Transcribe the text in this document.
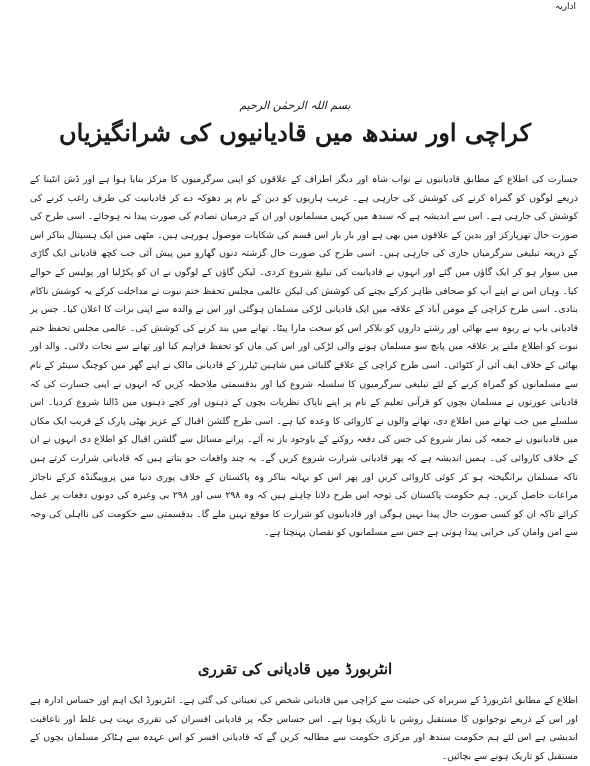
اداریہ
بسم اللہ الرحمٰن الرحیم
کراچی اور سندھ میں قادیانیوں کی شرانگیزیاں

جسارت کی اطلاع کے مطابق قادیانیوں نے نواب شاہ اور دیگر اطراف کے علاقوں کو اپنی سرگرمیوں کا مرکز بنایا ہوا ہے اور ڈش انٹینا کے ذریعے لوگوں کو گمراہ کرنے کی کوشش کی جارہی ہے۔ غریب ہاریوں کو دین کے نام پر دھوکہ دے کر قادیانیت کی طرف راغب کرنے کی کوشش کی جارہی ہے۔ اس سے اندیشہ ہے کہ سندھ میں کہیں مسلمانوں اور ان کے درمیان تصادم کی صورت پیدا نہ ہوجائے۔ اسی طرح کی صورت حال تھرپارکر اور بدین کے علاقوں میں بھی ہے اور بار بار اس قسم کی شکایات موصول ہورہی ہیں۔ مٹھی میں ایک ہسپتال بناکر اس کے ذریعہ تبلیغی سرگرمیاں جاری کی جارہی ہیں۔ اسی طرح کی صورت حال گزشتہ دنوں گھارو میں پیش آئی جب کچھ قادیانی ایک گاڑی میں سوار ہو کر ایک گاؤں میں گئے اور انہوں نے قادیانیت کی تبلیغ شروع کردی۔ لیکن گاؤں کے لوگوں نے ان کو پکڑلیا اور پولیس کے حوالے کیا۔ وہاں اس نے اپنے آپ کو صحافی ظاہر کرکے بچنے کی کوشش کی لیکن عالمی مجلس تحفظ ختم نبوت نے مداخلت کرکے یہ کوشش ناکام بنادی۔ اسی طرح کراچی کے مومن آباد کے علاقہ میں ایک قادیانی لڑکی مسلمان ہوگئی اور اس نے والدہ سے اپنی برات کا اعلان کیا۔ جس پر قادیانی باپ نے ربوہ سے بھائی اور رشتے داروں کو بلاکر اس کو سخت مارا پیٹا۔ تھانے میں بند کرنے کی کوشش کی۔ عالمی مجلس تحفظ ختم نبوت کو اطلاع ملنے پر علاقہ میں پانچ سو مسلمان ہونے والی لڑکی اور اس کی ماں کو تحفظ فراہم کیا اور تھانے سے نجات دلائی۔ والد اور بھائی کے خلاف ایف آئی آر کٹوائی۔ اسی طرح کراچی کے علاقے گلبائی میں شاہین ٹیلرز کے قادیانی مالک نے اپنے گھر میں کوچنگ سینٹر کے نام سے مسلمانوں کو گمراہ کرنے کے لئے تبلیغی سرگرمیوں کا سلسلہ شروع کیا اور بدقسمتی ملاحظہ کریں کہ انہوں نے اپنی جسارت کی کہ قادیانی عورتوں نے مسلمان بچوں کو قرآنی تعلیم کے نام پر اپنے ناپاک نظریات بچوں کے ذہنوں اور کچے ذہنوں میں ڈالنا شروع کردیا۔ اس سلسلے میں جب تھانے میں اطلاع دی، تھانے والوں نے کاروائی کا وعدہ کیا ہے۔ اسی طرح گلشن اقبال کے عزیز بھٹی پارک کے قریب ایک مکان میں قادیانیوں نے جمعہ کی نماز شروع کی جس کی دفعہ روکنے کے باوجود باز نہ آئے۔ پرانے مسائل سے گلشن اقبال کو اطلاع دی انہوں نے ان کے خلاف کاروائی کی۔ ہمیں اندیشہ ہے کہ پھر قادیانی شرارت شروع کریں گے۔ یہ چند واقعات جو بتاتے ہیں کہ قادیانی شرارت کرتے ہیں تاکہ مسلمان برانگیختہ ہو کر کوئی کاروائی کریں اور پھر اس کو بہانہ بناکر وہ پاکستان کے خلاف پوری دنیا میں پروپیگنڈہ کرکے ناجائز مراعات حاصل کریں۔ ہم حکومت پاکستان کی توجہ اس طرح دلانا چاہتے ہیں کہ وہ ۲۹۸ سی اور ۲۹۸ بی وغیرہ کی دونوں دفعات پر عمل کرائے تاکہ ان کو کسی صورت حال پیدا نہیں ہوگی اور قادیانیوں کو شرارت کا موقع نہیں ملے گا۔ بدقسمتی سے حکومت کی نااہلی کی وجہ سے امن وامان کی خرابی پیدا ہوتی ہے جس سے مسلمانوں کو نقصان پہنچتا ہے۔

انٹربورڈ میں قادیانی کی تقرری

اطلاع کے مطابق انٹربورڈ کے سربراہ کی حیثیت سے کراچی میں قادیانی شخص کی تعیناتی کی گئی ہے۔ انٹربورڈ ایک اہم اور حساس ادارہ ہے اور اس کے ذریعے نوجوانوں کا مستقبل روشن یا تاریک ہوتا ہے۔ اس حساس جگہ پر قادیانی افسران کی تقرری بہت ہی غلط اور ناعاقبت اندیشی ہے اس لئے ہم حکومت سندھ اور مرکزی حکومت سے مطالبہ کریں گے کہ قادیانی افسر کو اس عہدہ سے ہٹاکر مسلمان بچوں کے مستقبل کو تاریک ہونے سے بچائیں۔
